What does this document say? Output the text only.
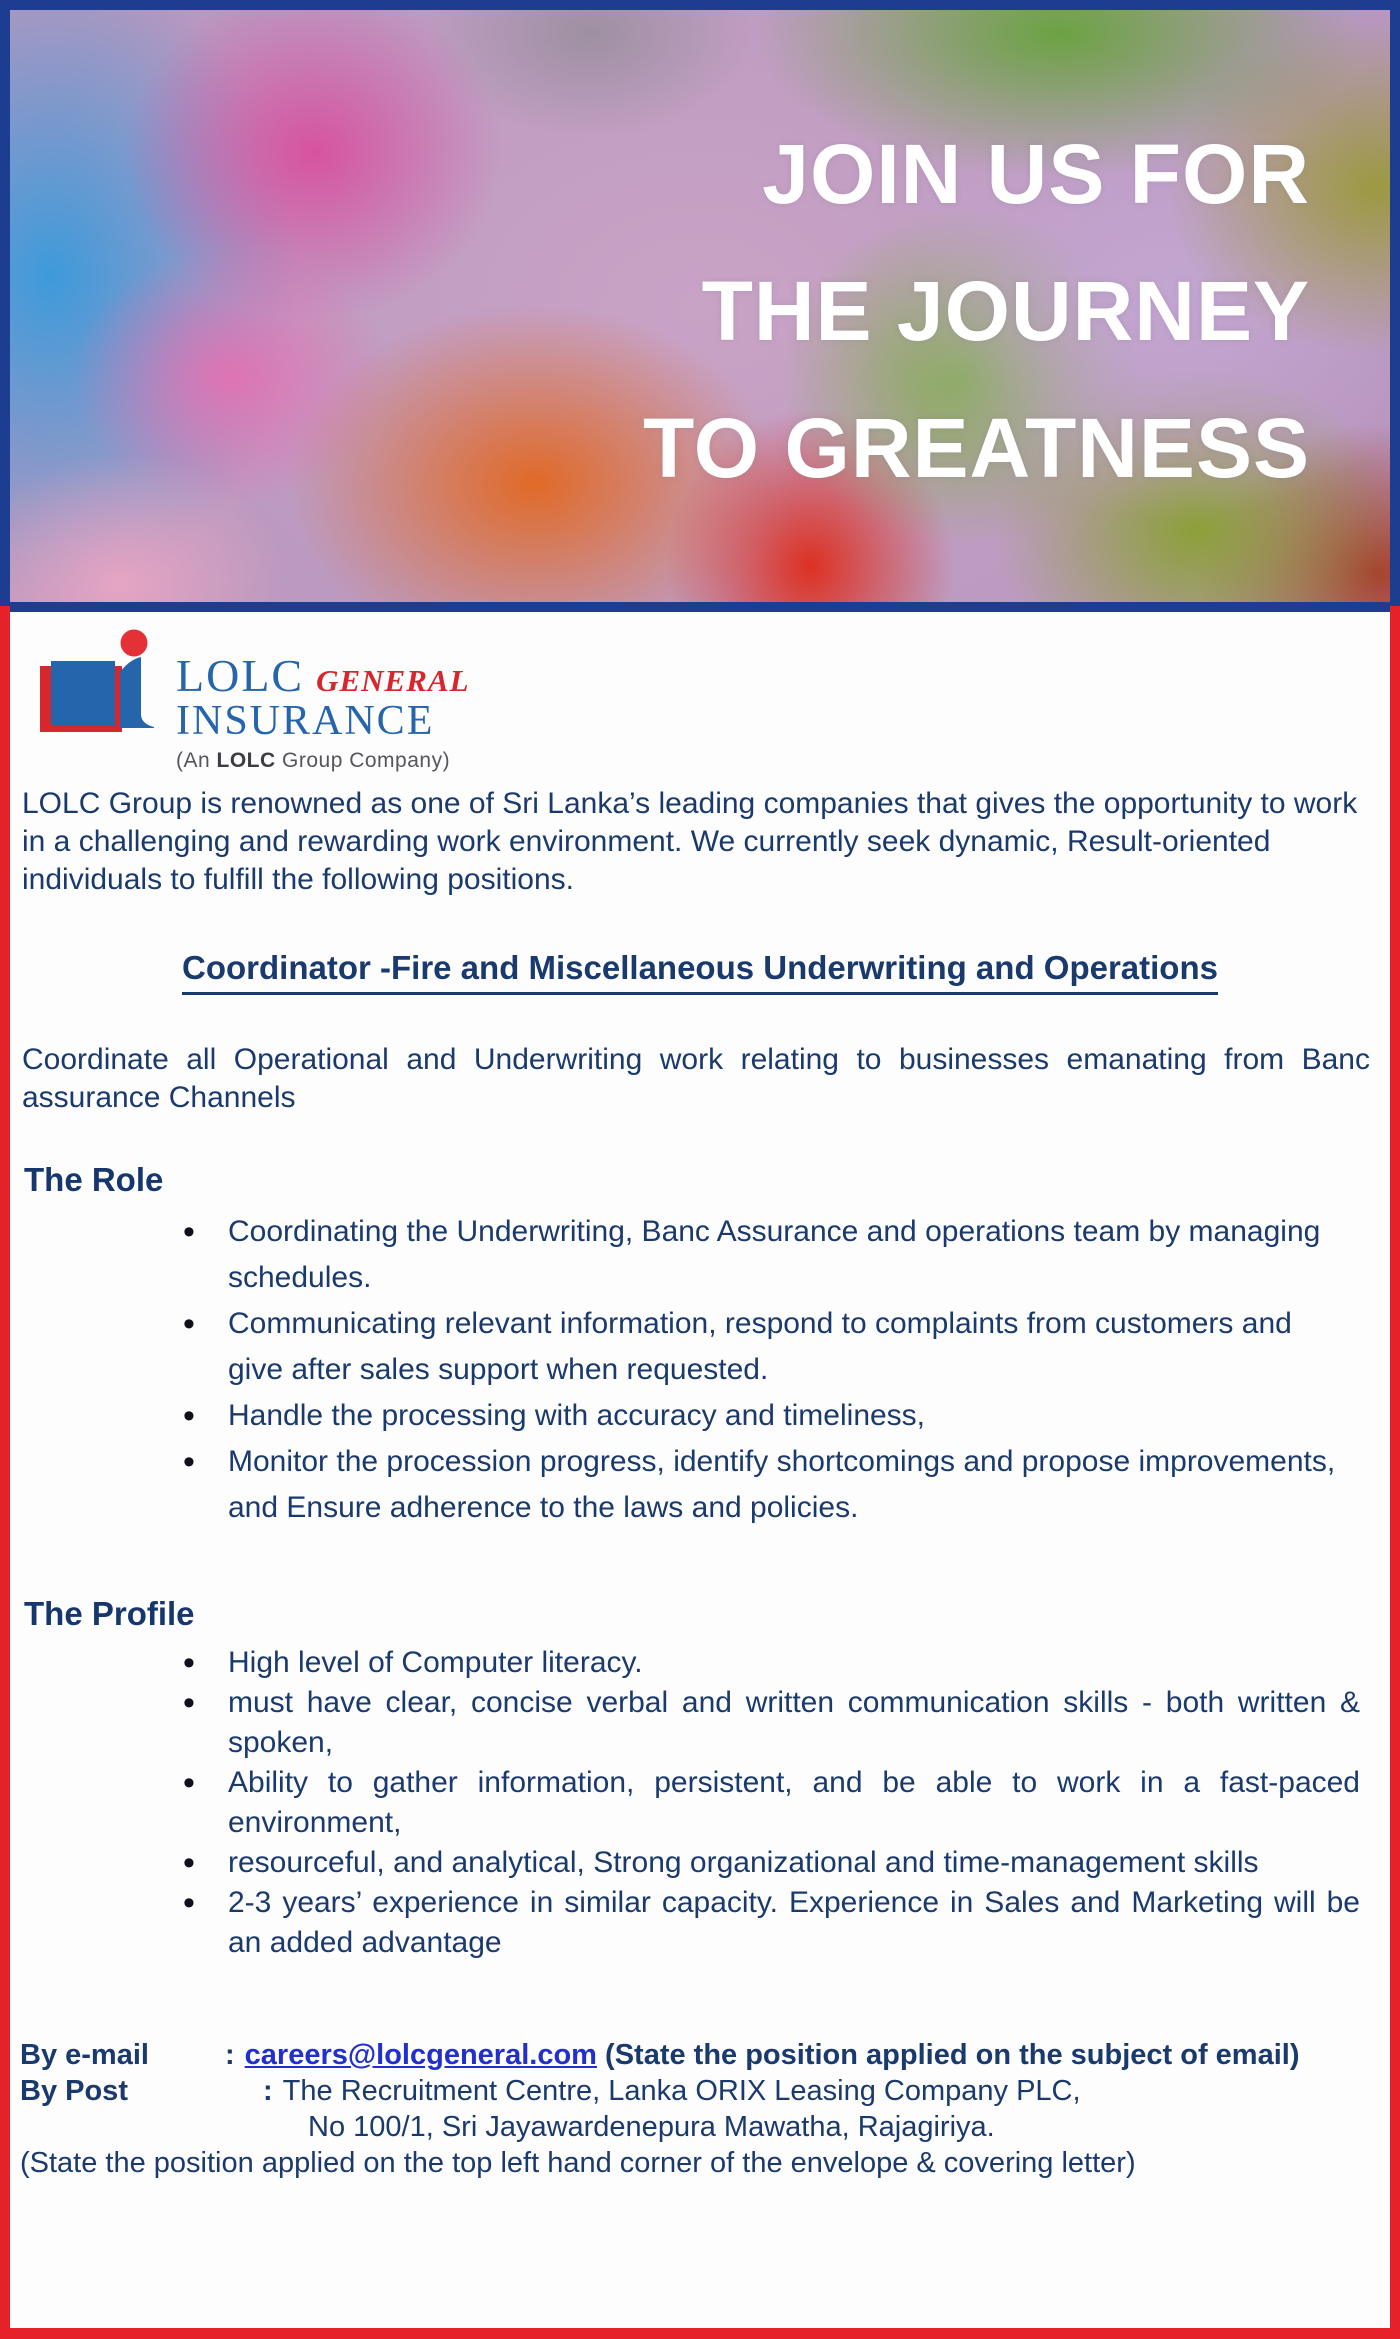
JOIN US FOR
THE JOURNEY
TO GREATNESS
LOLC GENERAL
INSURANCE
(An LOLC Group Company)

LOLC Group is renowned as one of Sri Lanka’s leading companies that gives the opportunity to work in a challenging and rewarding work environment. We currently seek dynamic, Result-oriented individuals to fulfill the following positions.

Coordinator -Fire and Miscellaneous Underwriting and Operations

Coordinate all Operational and Underwriting work relating to businesses emanating from Banc assurance Channels

The Role
• Coordinating the Underwriting, Banc Assurance and operations team by managing schedules.
• Communicating relevant information, respond to complaints from customers and give after sales support when requested.
• Handle the processing with accuracy and timeliness,
• Monitor the procession progress, identify shortcomings and propose improvements, and Ensure adherence to the laws and policies.
The Profile
• High level of Computer literacy.
• must have clear, concise verbal and written communication skills - both written & spoken,
• Ability to gather information, persistent, and be able to work in a fast-paced environment,
• resourceful, and analytical, Strong organizational and time-management skills
• 2-3 years’ experience in similar capacity. Experience in Sales and Marketing will be an added advantage
By e-mail	: careers@lolcgeneral.com (State the position applied on the subject of email)
By Post	: The Recruitment Centre, Lanka ORIX Leasing Company PLC,
No 100/1, Sri Jayawardenepura Mawatha, Rajagiriya.
(State the position applied on the top left hand corner of the envelope & covering letter)
